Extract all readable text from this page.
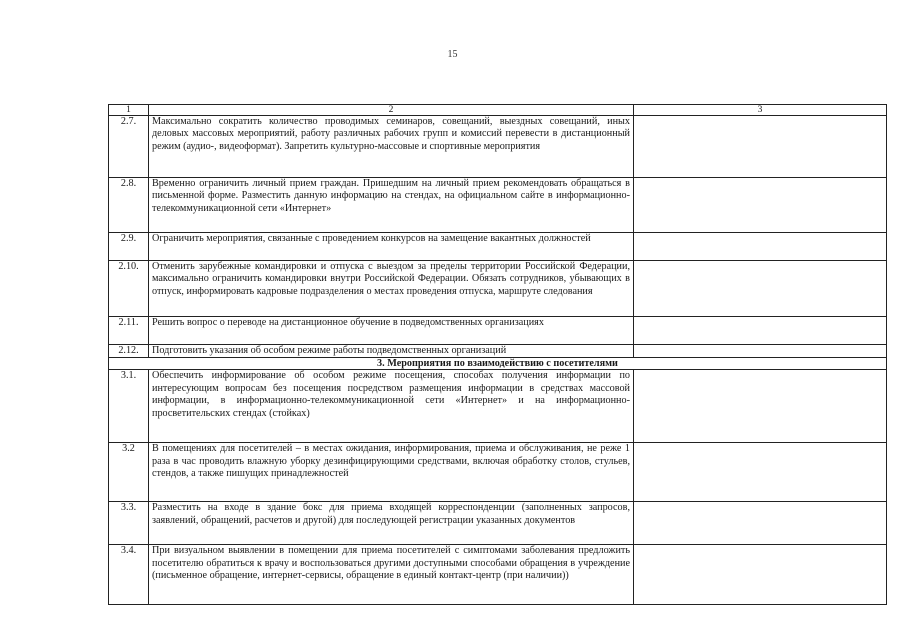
15
1	2	3
2.7.	Максимально сократить количество проводимых семинаров, совещаний, выездных совещаний, иных деловых массовых мероприятий, работу различных рабочих групп и комиссий перевести в дистанционный режим (аудио-, видеоформат). Запретить культурно-массовые и спортивные мероприятия	
2.8.	Временно ограничить личный прием граждан. Пришедшим на личный прием рекомендовать обращаться в письменной форме. Разместить данную информацию на стендах, на официальном сайте в информационно-телекоммуникационной сети «Интернет»	
2.9.	Ограничить мероприятия, связанные с проведением конкурсов на замещение вакантных должностей	
2.10.	Отменить зарубежные командировки и отпуска с выездом за пределы территории Российской Федерации, максимально ограничить командировки внутри Российской Федерации. Обязать сотрудников, убывающих в отпуск, информировать кадровые подразделения о местах проведения отпуска, маршруте следования	
2.11.	Решить вопрос о переводе на дистанционное обучение в подведомственных организациях	
2.12.	Подготовить указания об особом режиме работы подведомственных организаций	
3. Мероприятия по взаимодействию с посетителями		
3.1.	Обеспечить информирование об особом режиме посещения, способах получения информации по интересующим вопросам без посещения посредством размещения информации в средствах массовой информации, в информационно-телекоммуникационной сети «Интернет» и на информационно-просветительских стендах (стойках)	
3.2	В помещениях для посетителей – в местах ожидания, информирования, приема и обслуживания, не реже 1 раза в час проводить влажную уборку дезинфицирующими средствами, включая обработку столов, стульев, стендов, а также пишущих принадлежностей	
3.3.	Разместить на входе в здание бокс для приема входящей корреспонденции (заполненных запросов, заявлений, обращений, расчетов и другой) для последующей регистрации указанных документов	
3.4.	При визуальном выявлении в помещении для приема посетителей с симптомами заболевания предложить посетителю обратиться к врачу и воспользоваться другими доступными способами обращения в учреждение (письменное обращение, интернет-сервисы, обращение в единый контакт-центр (при наличии))	
